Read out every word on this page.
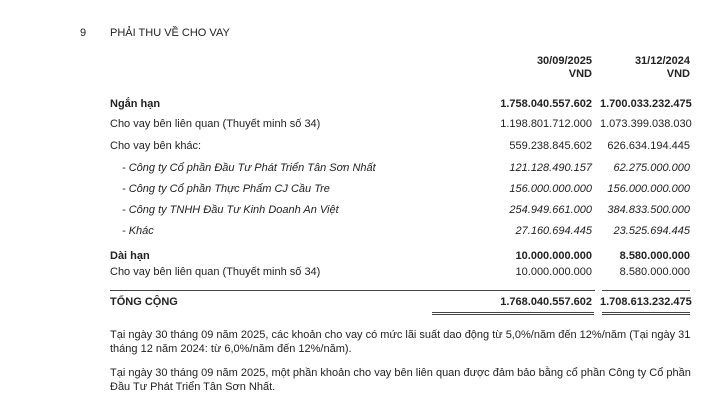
9 PHẢI THU VỀ CHO VAY
30/09/2025
VND
31/12/2024
VND
Ngắn hạn	1.758.040.557.602 1.700.033.232.475
Cho vay bên liên quan (Thuyết minh số 34)	1.198.801.712.000 1.073.399.038.030
Cho vay bên khác:	559.238.845.602	626.634.194.445
- Công ty Cổ phần Đầu Tư Phát Triển Tân Sơn Nhất	121.128.490.157	62.275.000.000
- Công ty Cổ phần Thực Phẩm CJ Cầu Tre	156.000.000.000	156.000.000.000
- Công ty TNHH Đầu Tư Kinh Doanh An Việt	254.949.661.000	384.833.500.000
- Khác	27.160.694.445	23.525.694.445
Dài hạn	10.000.000.000	8.580.000.000
Cho vay bên liên quan (Thuyết minh số 34)	10.000.000.000	8.580.000.000
TỔNG CỘNG	1.768.040.557.602 1.708.613.232.475
Tại ngày 30 tháng 09 năm 2025, các khoản cho vay có mức lãi suất dao động từ 5,0%/năm đến 12%/năm (Tại ngày 31 tháng 12 năm 2024: từ 6,0%/năm đến 12%/năm).
Tại ngày 30 tháng 09 năm 2025, một phần khoản cho vay bên liên quan được đảm bảo bằng cổ phần Công ty Cổ phần Đầu Tư Phát Triển Tân Sơn Nhất.
